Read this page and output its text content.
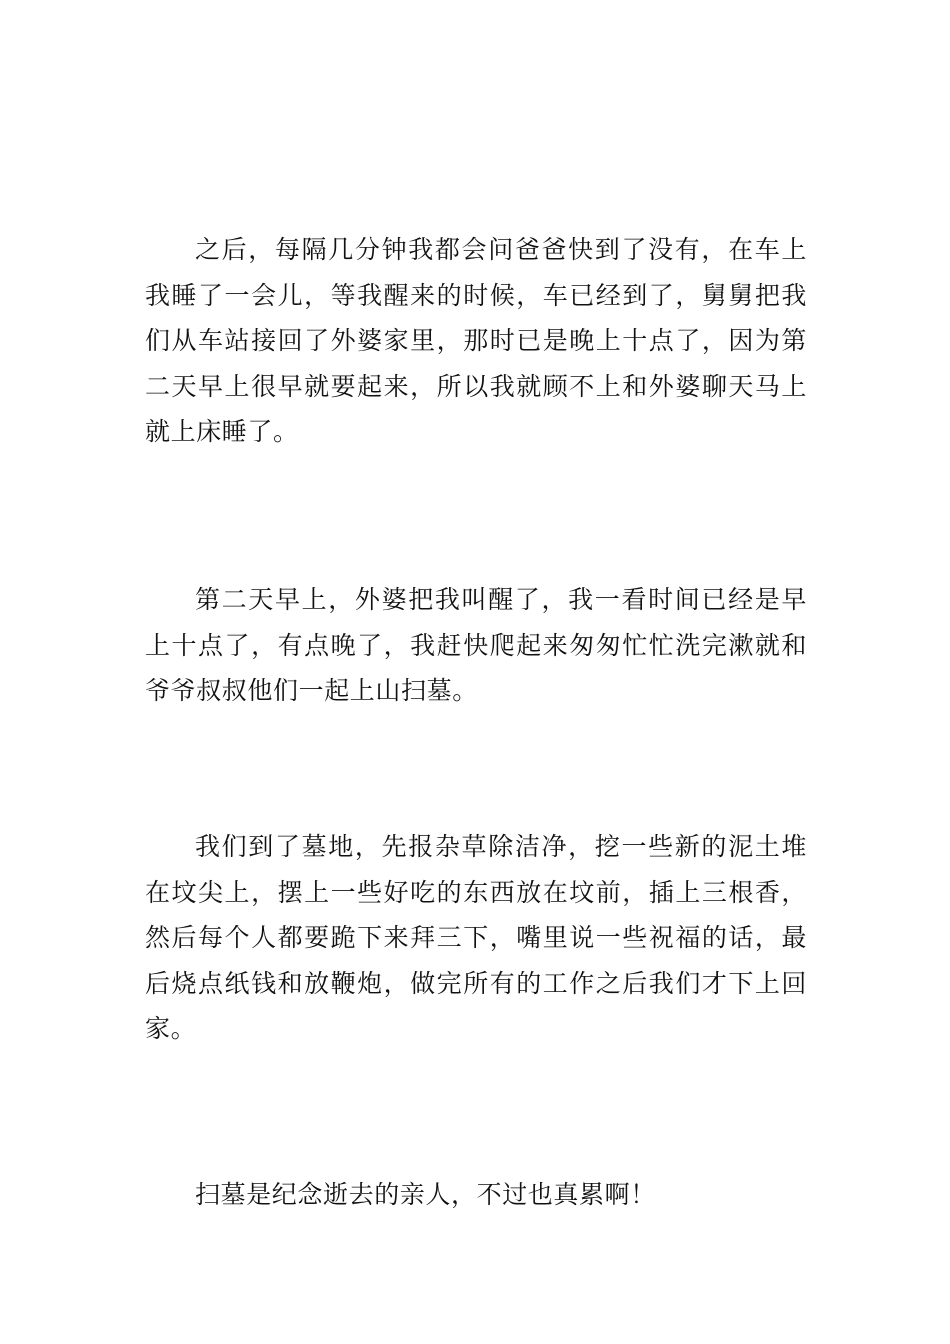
之后，每隔几分钟我都会问爸爸快到了没有，在车上我睡了一会儿，等我醒来的时候，车已经到了，舅舅把我们从车站接回了外婆家里，那时已是晚上十点了，因为第二天早上很早就要起来，所以我就顾不上和外婆聊天马上就上床睡了。

第二天早上，外婆把我叫醒了，我一看时间已经是早上十点了，有点晚了，我赶快爬起来匆匆忙忙洗完漱就和爷爷叔叔他们一起上山扫墓。

我们到了墓地，先报杂草除洁净，挖一些新的泥土堆在坟尖上，摆上一些好吃的东西放在坟前，插上三根香，然后每个人都要跪下来拜三下，嘴里说一些祝福的话，最后烧点纸钱和放鞭炮，做完所有的工作之后我们才下上回家。

扫墓是纪念逝去的亲人，不过也真累啊！
